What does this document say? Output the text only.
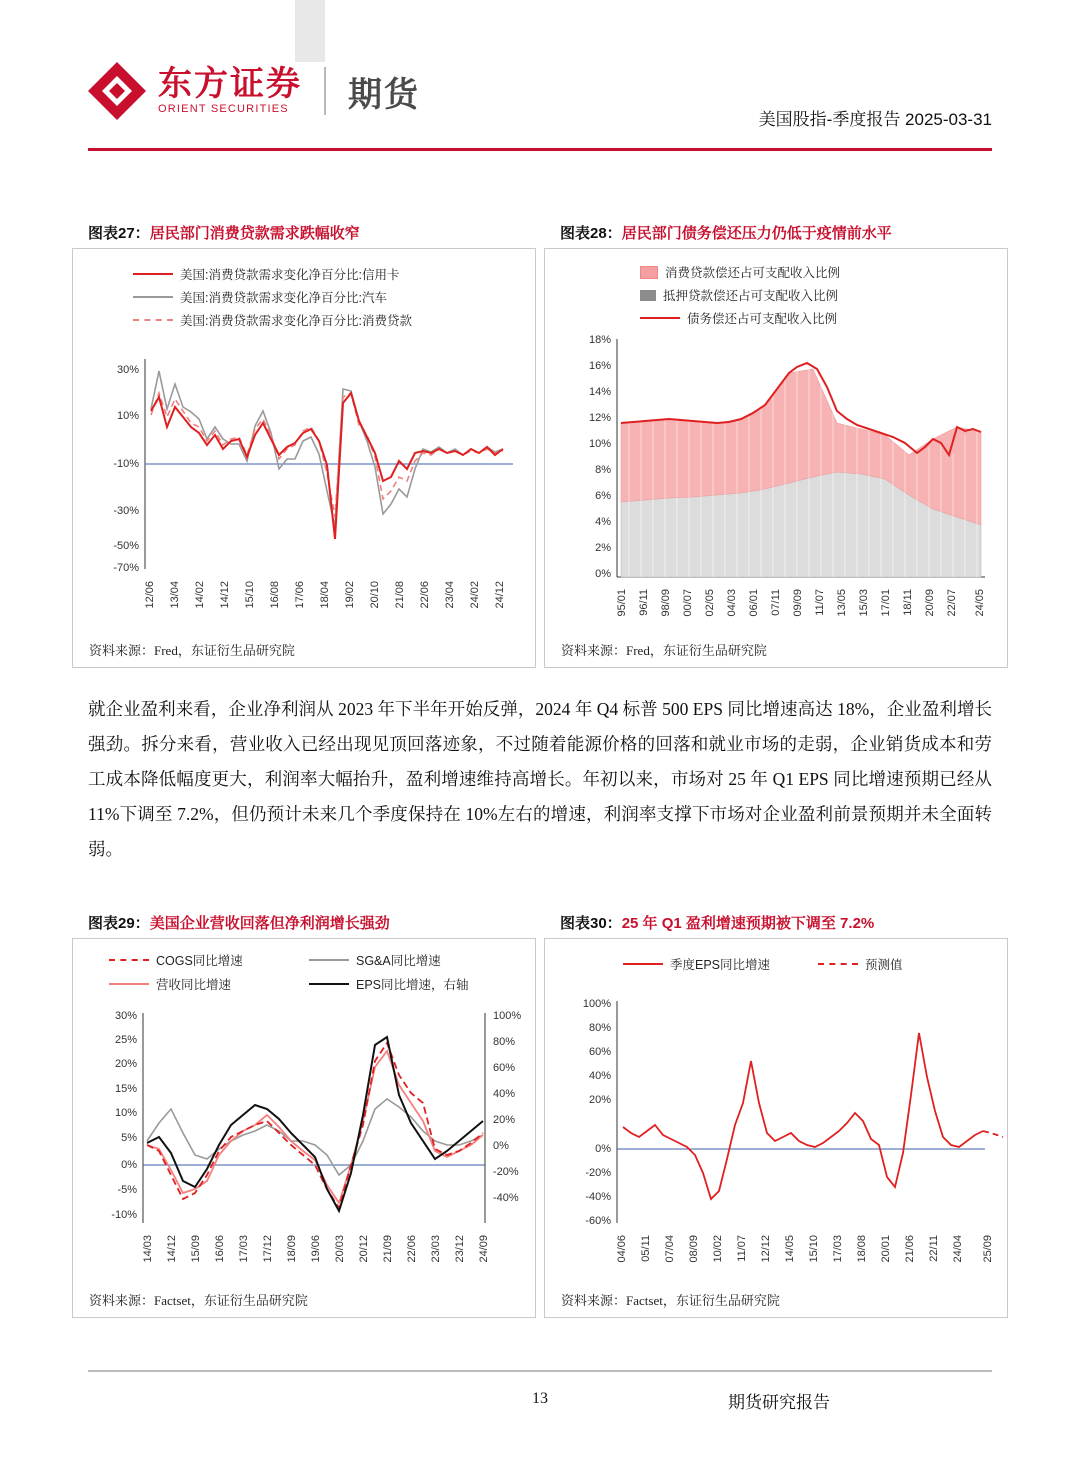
东方证券
ORIENT SECURITIES	期货
美国股指-季度报告 2025-03-31
图表27：居民部门消费贷款需求跌幅收窄	图表28：居民部门债务偿还压力仍低于疫情前水平
美国:消费贷款需求变化净百分比:信用卡
美国:消费贷款需求变化净百分比:汽车
美国:消费贷款需求变化净百分比:消费贷款
30%
10%
-10%
-30%
-50%
-70%
12/06 13/04 14/02 14/12 15/10 16/08 17/06 18/04 19/02 20/10 21/08 22/06 23/04 24/02 24/12
资料来源：Fred，东证衍生品研究院
消费贷款偿还占可支配收入比例
抵押贷款偿还占可支配收入比例
债务偿还占可支配收入比例
18%
16%
14%
12%
10%
8%
6%
4%
2%
0%
95/01 96/11 98/09 00/07 02/05 04/03 06/01 07/11 09/09 11/07 13/05 15/03 17/01 18/11 20/09 22/07 24/05
资料来源：Fred，东证衍生品研究院
就企业盈利来看，企业净利润从 2023 年下半年开始反弹，2024 年 Q4 标普 500 EPS 同比增速高达 18%，企业盈利增长强劲。拆分来看，营业收入已经出现见顶回落迹象，不过随着能源价格的回落和就业市场的走弱，企业销货成本和劳工成本降低幅度更大，利润率大幅抬升，盈利增速维持高增长。年初以来，市场对 25 年 Q1 EPS 同比增速预期已经从 11%下调至 7.2%，但仍预计未来几个季度保持在 10%左右的增速，利润率支撑下市场对企业盈利前景预期并未全面转弱。
图表29：美国企业营收回落但净利润增长强劲	图表30：25 年 Q1 盈利增速预期被下调至 7.2%
COGS同比增速	SG&A同比增速
营收同比增速	EPS同比增速，右轴
30%
25%
20%
15%
10%
5%
0%
-5%
-10%
100%
80%
60%
40%
20%
0%
-20%
-40%
14/03 14/12 15/09 16/06 17/03 17/12 18/09 19/06 20/03 20/12 21/09 22/06 23/03 23/12 24/09
资料来源：Factset，东证衍生品研究院
季度EPS同比增速	预测值
100%
80%
60%
40%
20%
0%
-20%
-40%
-60%
04/06 05/11 07/04 08/09 10/02 11/07 12/12 14/05 15/10 17/03 18/08 20/01 21/06 22/11 24/04 25/09
资料来源：Factset，东证衍生品研究院
13	期货研究报告
